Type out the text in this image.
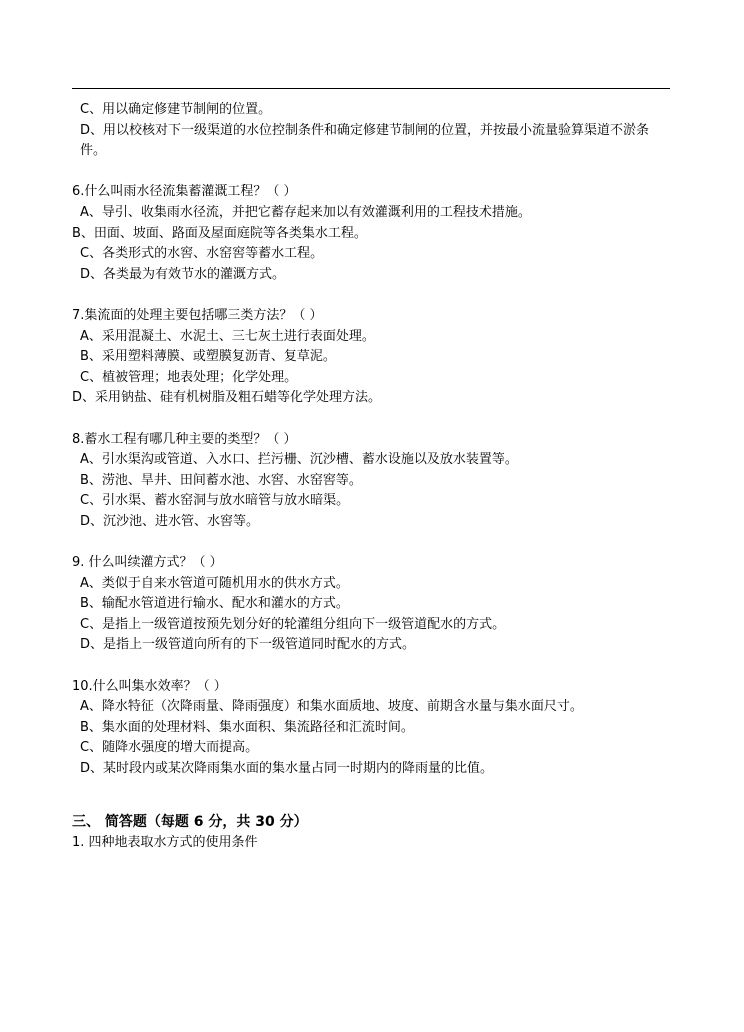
C、用以确定修建节制闸的位置。
D、用以校核对下一级渠道的水位控制条件和确定修建节制闸的位置，并按最小流量验算渠道不淤条件。
6.什么叫雨水径流集蓄灌溉工程？（ ）
A、导引、收集雨水径流，并把它蓄存起来加以有效灌溉利用的工程技术措施。
B、田面、坡面、路面及屋面庭院等各类集水工程。
C、各类形式的水窖、水窑窖等蓄水工程。
D、各类最为有效节水的灌溉方式。
7.集流面的处理主要包括哪三类方法？（ ）
A、采用混凝土、水泥土、三七灰土进行表面处理。
B、采用塑料薄膜、或塑膜复沥青、复草泥。
C、植被管理；地表处理；化学处理。
D、采用钠盐、硅有机树脂及粗石蜡等化学处理方法。
8.蓄水工程有哪几种主要的类型？（ ）
A、引水渠沟或管道、入水口、拦污栅、沉沙槽、蓄水设施以及放水装置等。
B、涝池、旱井、田间蓄水池、水窖、水窑窖等。
C、引水渠、蓄水窑洞与放水暗管与放水暗渠。
D、沉沙池、进水管、水窖等。
9. 什么叫续灌方式？（ ）
A、类似于自来水管道可随机用水的供水方式。
B、输配水管道进行输水、配水和灌水的方式。
C、是指上一级管道按预先划分好的轮灌组分组向下一级管道配水的方式。
D、是指上一级管道向所有的下一级管道同时配水的方式。
10.什么叫集水效率？（ ）
A、降水特征（次降雨量、降雨强度）和集水面质地、坡度、前期含水量与集水面尺寸。
B、集水面的处理材料、集水面积、集流路径和汇流时间。
C、随降水强度的增大而提高。
D、某时段内或某次降雨集水面的集水量占同一时期内的降雨量的比值。
三、 简答题（每题 6 分，共 30 分）
1. 四种地表取水方式的使用条件
